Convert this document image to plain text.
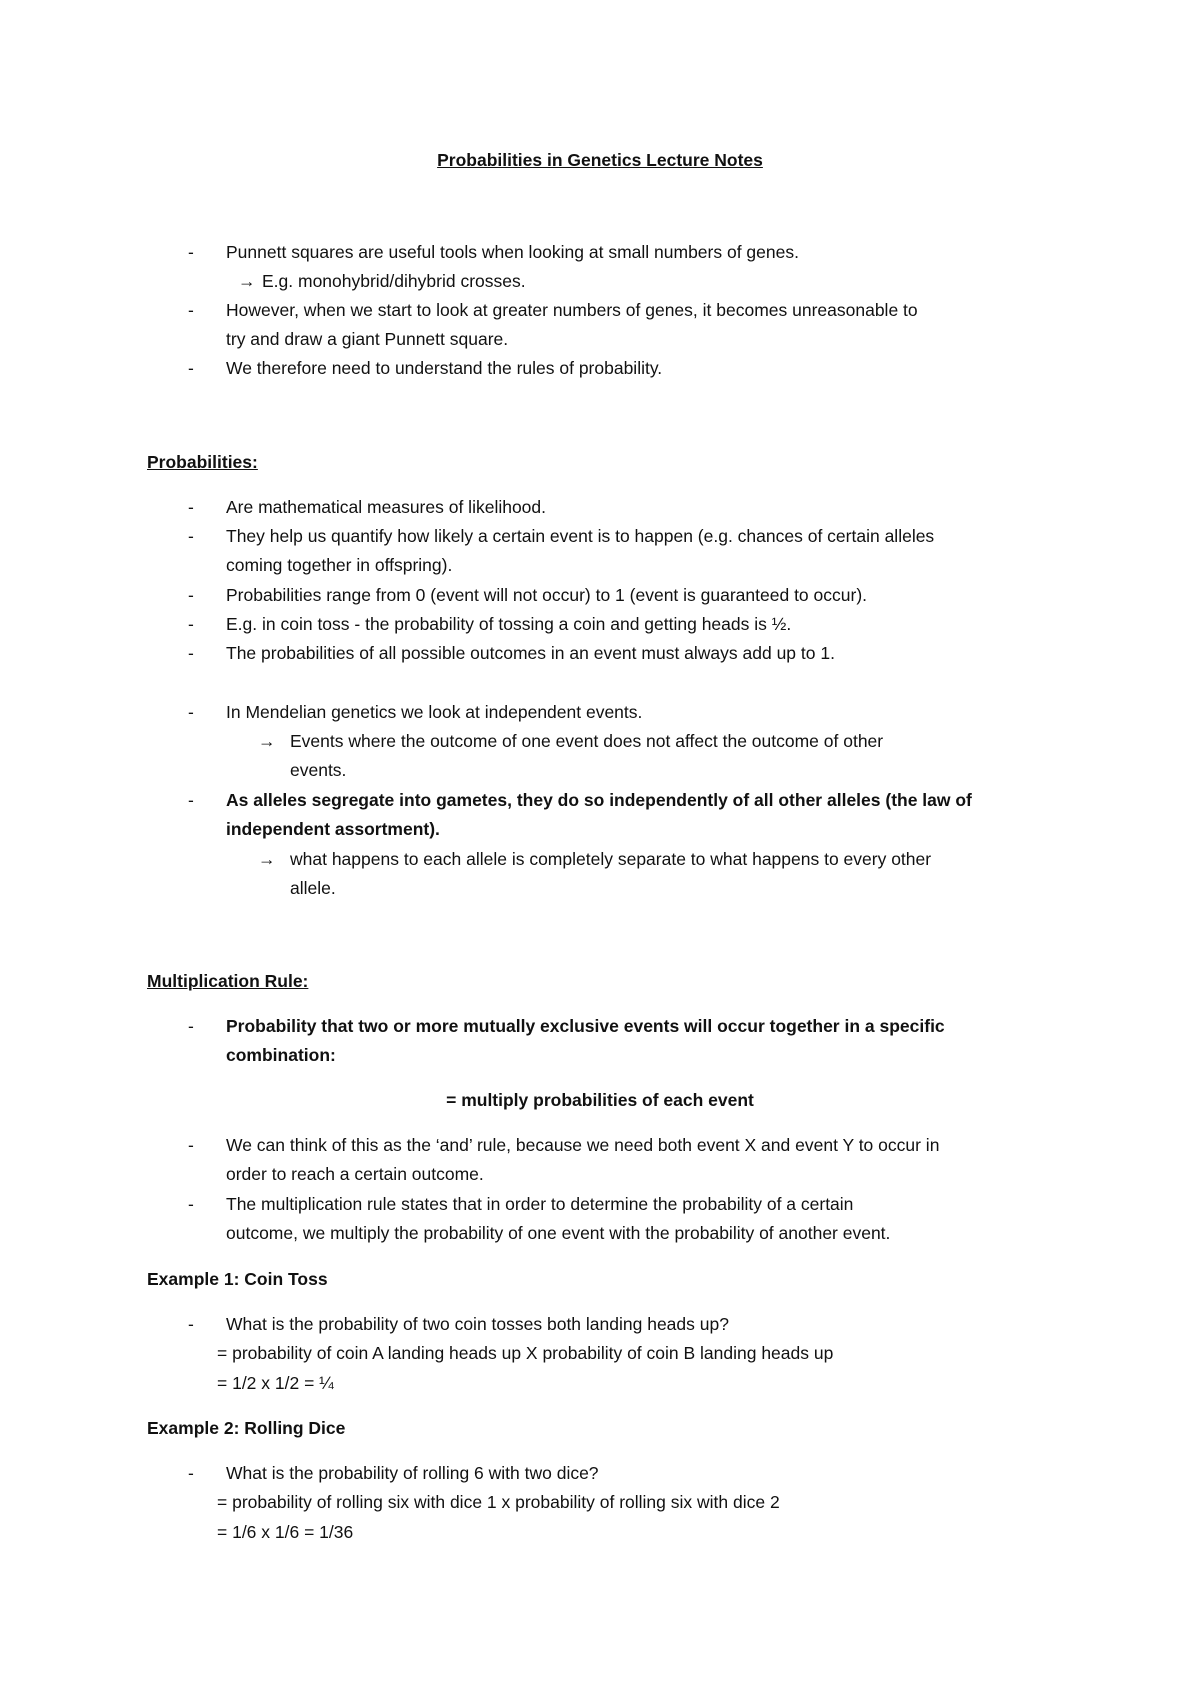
Probabilities in Genetics Lecture Notes
- Punnett squares are useful tools when looking at small numbers of genes.
→ E.g. monohybrid/dihybrid crosses.
- However, when we start to look at greater numbers of genes, it becomes unreasonable to
try and draw a giant Punnett square.
- We therefore need to understand the rules of probability.
Probabilities:
- Are mathematical measures of likelihood.
- They help us quantify how likely a certain event is to happen (e.g. chances of certain alleles
coming together in offspring).
- Probabilities range from 0 (event will not occur) to 1 (event is guaranteed to occur).
- E.g. in coin toss - the probability of tossing a coin and getting heads is ½.
- The probabilities of all possible outcomes in an event must always add up to 1.
- In Mendelian genetics we look at independent events.
→ Events where the outcome of one event does not affect the outcome of other
events.
- As alleles segregate into gametes, they do so independently of all other alleles (the law of
independent assortment).
→ what happens to each allele is completely separate to what happens to every other
allele.
Multiplication Rule:
- Probability that two or more mutually exclusive events will occur together in a specific
combination:
= multiply probabilities of each event
- We can think of this as the ‘and’ rule, because we need both event X and event Y to occur in
order to reach a certain outcome.
- The multiplication rule states that in order to determine the probability of a certain
outcome, we multiply the probability of one event with the probability of another event.
Example 1: Coin Toss
- What is the probability of two coin tosses both landing heads up?
= probability of coin A landing heads up X probability of coin B landing heads up
= 1/2 x 1/2 = ¼
Example 2: Rolling Dice
- What is the probability of rolling 6 with two dice?
= probability of rolling six with dice 1 x probability of rolling six with dice 2
= 1/6 x 1/6 = 1/36
